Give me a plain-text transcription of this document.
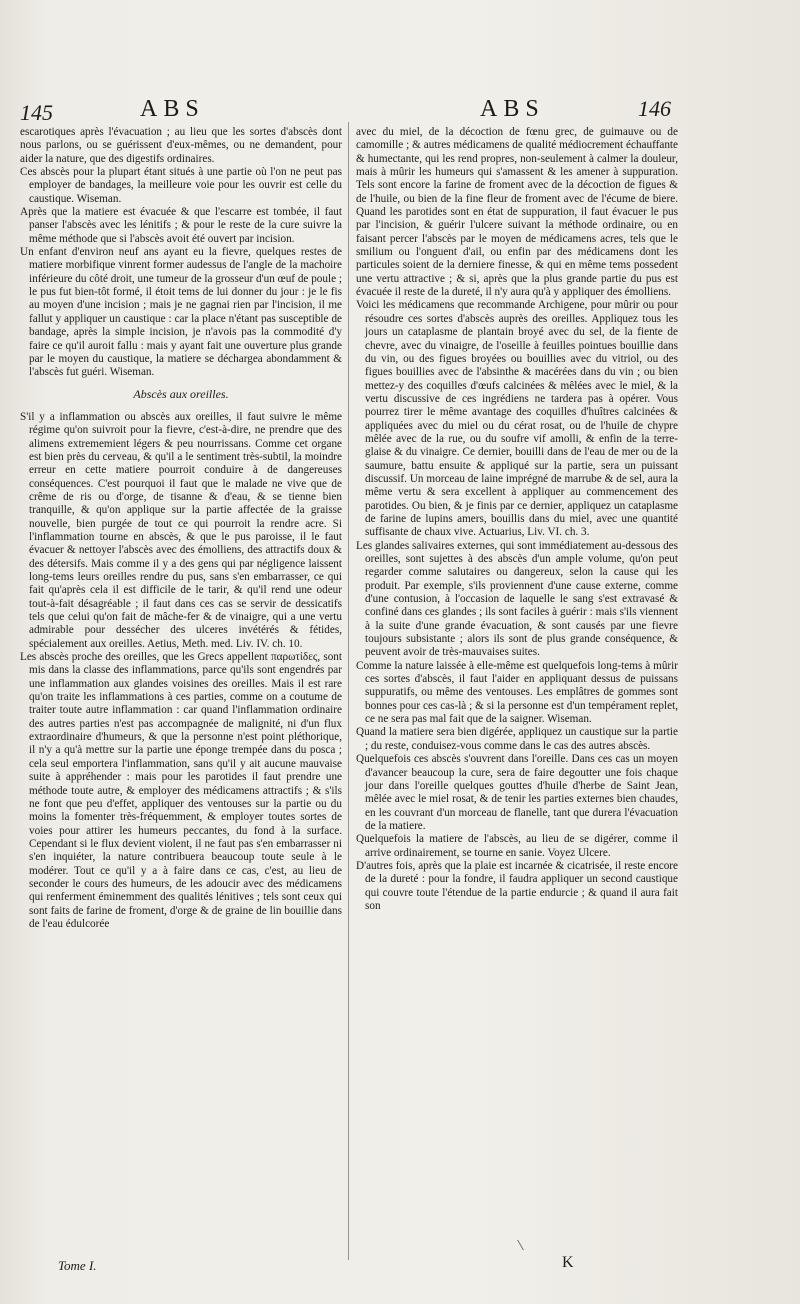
145	ABS	ABS	146

escarotiques après l'évacuation ; au lieu que les sortes d'abscès dont nous parlons, ou se guérissent d'eux-mêmes, ou ne demandent, pour aider la nature, que des digestifs ordinaires.

Ces abscès pour la plupart étant situés à une partie où l'on ne peut pas employer de bandages, la meilleure voie pour les ouvrir est celle du caustique. Wiseman.

Après que la matiere est évacuée & que l'escarre est tombée, il faut panser l'abscès avec les lénitifs ; & pour le reste de la cure suivre la même méthode que si l'abscès avoit été ouvert par incision.

Un enfant d'environ neuf ans ayant eu la fievre, quelques restes de matiere morbifique vinrent former audessus de l'angle de la machoire inférieure du côté droit, une tumeur de la grosseur d'un œuf de poule ; le pus fut bien-tôt formé, il étoit tems de lui donner du jour : je le fis au moyen d'une incision ; mais je ne gagnai rien par l'incision, il me fallut y appliquer un caustique : car la place n'étant pas susceptible de bandage, après la simple incision, je n'avois pas la commodité d'y faire ce qu'il auroit fallu : mais y ayant fait une ouverture plus grande par le moyen du caustique, la matiere se déchargea abondamment & l'abscès fut guéri. Wiseman.

Abscès aux oreilles.

S'il y a inflammation ou abscès aux oreilles, il faut suivre le même régime qu'on suivroit pour la fievre, c'est-à-dire, ne prendre que des alimens extrememient légers & peu nourrissans. Comme cet organe est bien près du cerveau, & qu'il a le sentiment très-subtil, la moindre erreur en cette matiere pourroit conduire à de dangereuses conséquences. C'est pourquoi il faut que le malade ne vive que de crême de ris ou d'orge, de tisanne & d'eau, & se tienne bien tranquille, & qu'on applique sur la partie affectée de la graisse nouvelle, bien purgée de tout ce qui pourroit la rendre acre. Si l'inflammation tourne en abscès, & que le pus paroisse, il le faut évacuer & nettoyer l'abscès avec des émolliens, des attractifs doux & des détersifs. Mais comme il y a des gens qui par négligence laissent long-tems leurs oreilles rendre du pus, sans s'en embarrasser, ce qui fait qu'après cela il est difficile de le tarir, & qu'il rend une odeur tout-à-fait désagréable ; il faut dans ces cas se servir de dessicatifs tels que celui qu'on fait de mâche-fer & de vinaigre, qui a une vertu admirable pour dessécher des ulceres invétérés & fétides, spécialement aux oreilles. Aetius, Meth. med. Liv. IV. ch. 10.

Les abscès proche des oreilles, que les Grecs appellent παρωτίδες, sont mis dans la classe des inflammations, parce qu'ils sont engendrés par une inflammation aux glandes voisines des oreilles. Mais il est rare qu'on traite les inflammations à ces parties, comme on a coutume de traiter toute autre inflammation : car quand l'inflammation ordinaire des autres parties n'est pas accompagnée de malignité, ni d'un flux extraordinaire d'humeurs, & que la personne n'est point pléthorique, il n'y a qu'à mettre sur la partie une éponge trempée dans du posca ; cela seul emportera l'inflammation, sans qu'il y ait aucune mauvaise suite à appréhender : mais pour les parotides il faut prendre une méthode toute autre, & employer des médicamens attractifs ; & s'ils ne font que peu d'effet, appliquer des ventouses sur la partie ou du moins la fomenter très-fréquemment, & employer toutes sortes de voies pour attirer les humeurs peccantes, du fond à la surface. Cependant si le flux devient violent, il ne faut pas s'en embarrasser ni s'en inquiéter, la nature contribuera beaucoup toute seule à le modérer. Tout ce qu'il y a à faire dans ce cas, c'est, au lieu de seconder le cours des humeurs, de les adoucir avec des médicamens qui renferment éminemment des qualités lénitives ; tels sont ceux qui sont faits de farine de froment, d'orge & de graine de lin bouillie dans de l'eau édulcorée

avec du miel, de la décoction de fœnu grec, de guimauve ou de camomille ; & autres médicamens de qualité médiocrement échauffante & humectante, qui les rend propres, non-seulement à calmer la douleur, mais à mûrir les humeurs qui s'amassent & les amener à suppuration. Tels sont encore la farine de froment avec de la décoction de figues & de l'huile, ou bien de la fine fleur de froment avec de l'écume de biere. Quand les parotides sont en état de suppuration, il faut évacuer le pus par l'incision, & guérir l'ulcere suivant la méthode ordinaire, ou en faisant percer l'abscès par le moyen de médicamens acres, tels que le smilium ou l'onguent d'ail, ou enfin par des médicamens dont les particules soient de la derniere finesse, & qui en même tems possedent une vertu attractive ; & si, après que la plus grande partie du pus est évacuée il reste de la dureté, il n'y aura qu'à y appliquer des émolliens.

Voici les médicamens que recommande Archigene, pour mûrir ou pour résoudre ces sortes d'abscès auprès des oreilles. Appliquez tous les jours un cataplasme de plantain broyé avec du sel, de la fiente de chevre, avec du vinaigre, de l'oseille à feuilles pointues bouillie dans du vin, ou des figues broyées ou bouillies avec du vitriol, ou des figues bouillies avec de l'absinthe & macérées dans du vin ; ou bien mettez-y des coquilles d'œufs calcinées & mêlées avec le miel, & la vertu discussive de ces ingrédiens ne tardera pas à opérer. Vous pourrez tirer le même avantage des coquilles d'huîtres calcinées & appliquées avec du miel ou du cérat rosat, ou de l'huile de chypre mêlée avec de la rue, ou du soufre vif amolli, & enfin de la terre-glaise & du vinaigre. Ce dernier, bouilli dans de l'eau de mer ou de la saumure, battu ensuite & appliqué sur la partie, sera un puissant discussif. Un morceau de laine imprégné de marrube & de sel, aura la même vertu & sera excellent à appliquer au commencement des parotides. Ou bien, & je finis par ce dernier, appliquez un cataplasme de farine de lupins amers, bouillis dans du miel, avec une quantité suffisante de chaux vive. Actuarius, Liv. VI. ch. 3.

Les glandes salivaires externes, qui sont immédiatement au-dessous des oreilles, sont sujettes à des abscès d'un ample volume, qu'on peut regarder comme salutaires ou dangereux, selon la cause qui les produit. Par exemple, s'ils proviennent d'une cause externe, comme d'une contusion, à l'occasion de laquelle le sang s'est extravasé & confiné dans ces glandes ; ils sont faciles à guérir : mais s'ils viennent à la suite d'une grande évacuation, & sont causés par une fievre toujours subsistante ; alors ils sont de plus grande conséquence, & peuvent avoir de très-mauvaises suites.

Comme la nature laissée à elle-même est quelquefois long-tems à mûrir ces sortes d'abscès, il faut l'aider en appliquant dessus de puissans suppuratifs, ou même des ventouses. Les emplâtres de gommes sont bonnes pour ces cas-là ; & si la personne est d'un tempérament replet, ce ne sera pas mal fait que de la saigner. Wiseman.

Quand la matiere sera bien digérée, appliquez un caustique sur la partie ; du reste, conduisez-vous comme dans le cas des autres abscès.

Quelquefois ces abscès s'ouvrent dans l'oreille. Dans ces cas un moyen d'avancer beaucoup la cure, sera de faire degoutter une fois chaque jour dans l'oreille quelques gouttes d'huile d'herbe de Saint Jean, mêlée avec le miel rosat, & de tenir les parties externes bien chaudes, en les couvrant d'un morceau de flanelle, tant que durera l'évacuation de la matiere.

Quelquefois la matiere de l'abscès, au lieu de se digérer, comme il arrive ordinairement, se tourne en sanie. Voyez Ulcere.

D'autres fois, après que la plaie est incarnée & cicatrisée, il reste encore de la dureté : pour la fondre, il faudra appliquer un second caustique qui couvre toute l'étendue de la partie endurcie ; & quand il aura fait son

Tome I.	K
